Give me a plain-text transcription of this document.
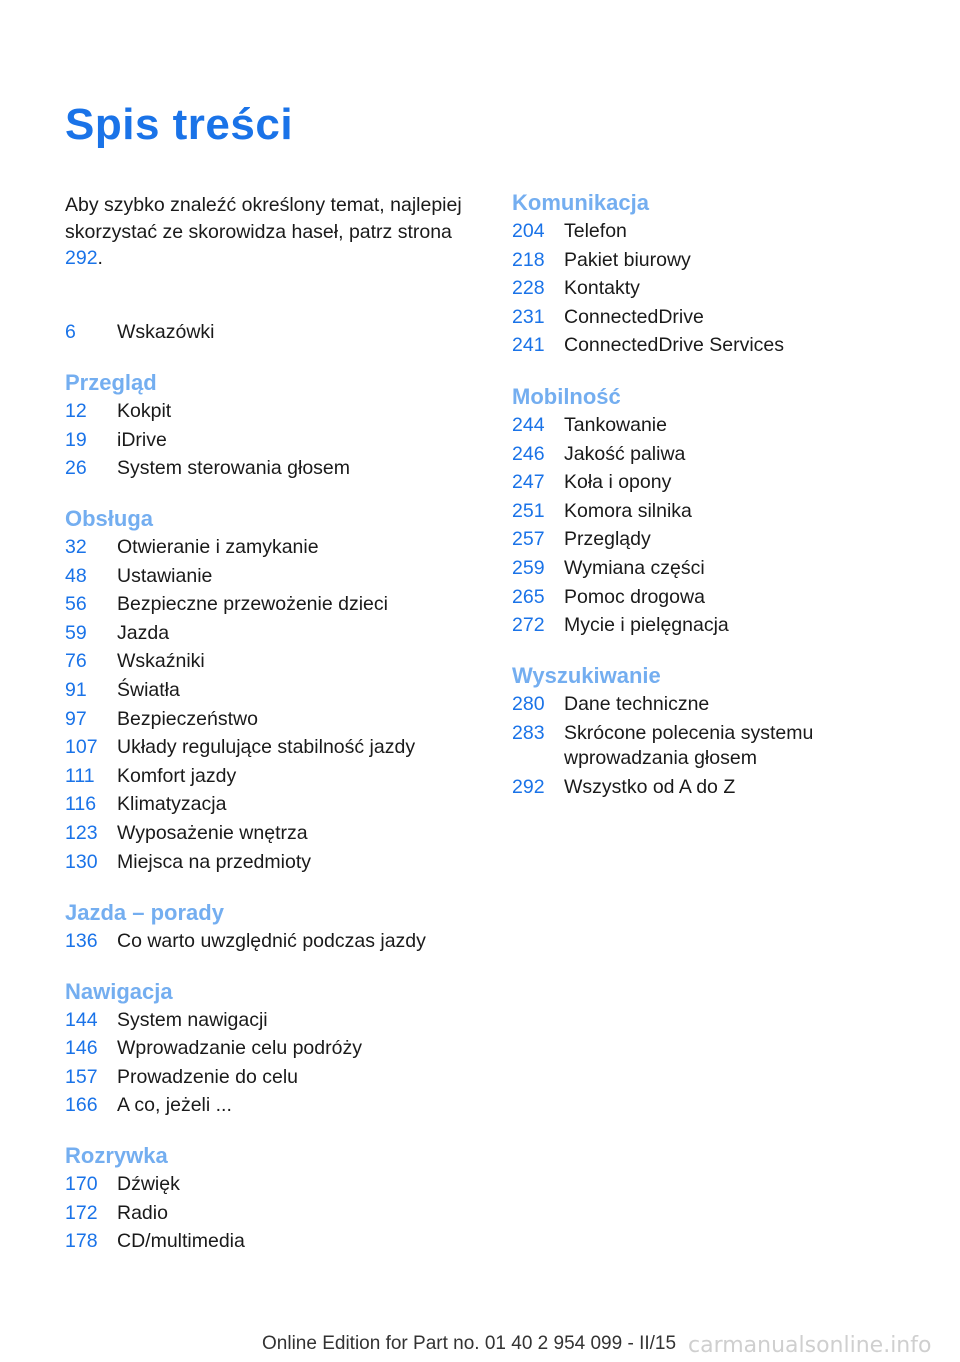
Spis treści

Aby szybko znaleźć określony temat, najlepiej skorzystać ze skorowidza haseł, patrz strona 292.

6	Wskazówki
Przegląd
12	Kokpit
19	iDrive
26	System sterowania głosem
Obsługa
32	Otwieranie i zamykanie
48	Ustawianie
56	Bezpieczne przewożenie dzieci
59	Jazda
76	Wskaźniki
91	Światła
97	Bezpieczeństwo
107 Układy regulujące stabilność jazdy
111	Komfort jazdy
116	Klimatyzacja
123 Wyposażenie wnętrza
130 Miejsca na przedmioty
Jazda – porady
136 Co warto uwzględnić podczas jazdy
Nawigacja
144 System nawigacji
146 Wprowadzanie celu podróży
157 Prowadzenie do celu
166 A co, jeżeli ...
Rozrywka
170 Dźwięk
172 Radio
178 CD/multimedia
Komunikacja
204 Telefon
218 Pakiet biurowy
228 Kontakty
231 ConnectedDrive
241 ConnectedDrive Services
Mobilność
244 Tankowanie
246 Jakość paliwa
247 Koła i opony
251 Komora silnika
257 Przeglądy
259 Wymiana części
265 Pomoc drogowa
272 Mycie i pielęgnacja
Wyszukiwanie
280 Dane techniczne
283 Skrócone polecenia systemu wprowadzania głosem
292 Wszystko od A do Z
Online Edition for Part no. 01 40 2 954 099 - II/15 carmanualsonline.info
